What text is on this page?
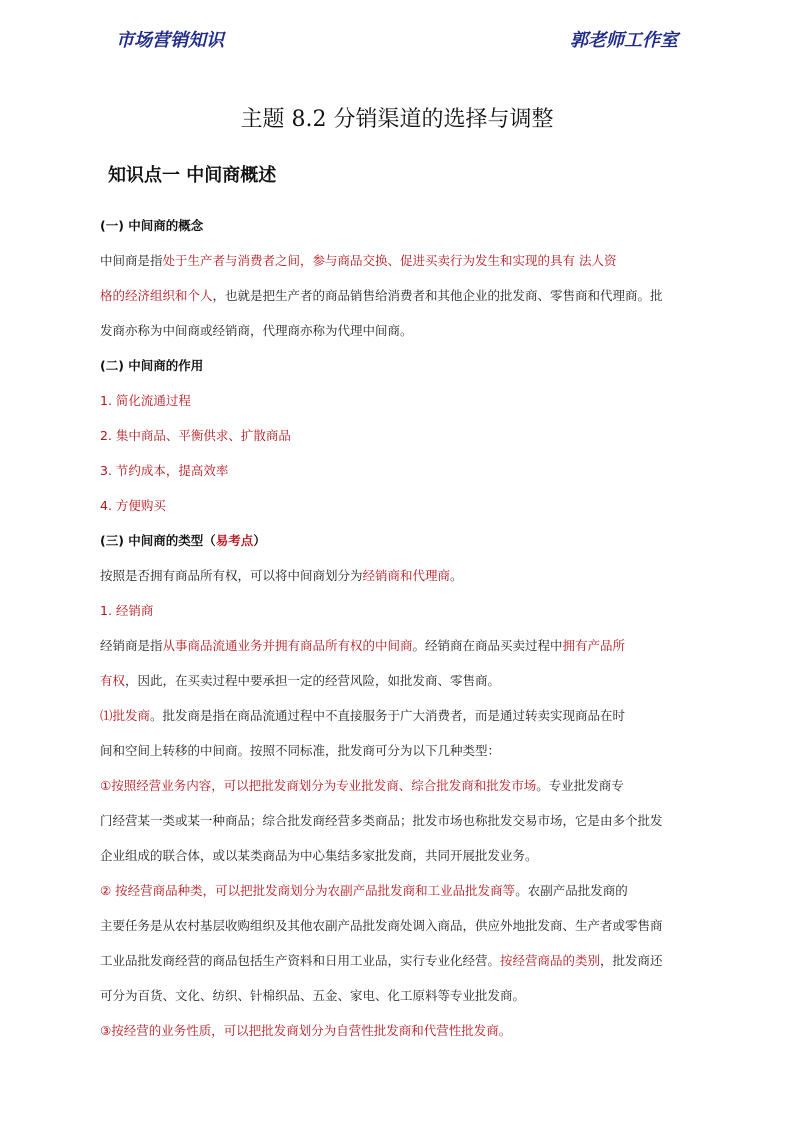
市场营销知识	郭老师工作室
主题 8.2 分销渠道的选择与调整
知识点一 中间商概述
(一) 中间商的概念
中间商是指处于生产者与消费者之间，参与商品交换、促进买卖行为发生和实现的具有 法人资
格的经济组织和个人，也就是把生产者的商品销售给消费者和其他企业的批发商、零售商和代理商。批
发商亦称为中间商或经销商，代理商亦称为代理中间商。
(二) 中间商的作用
1. 简化流通过程
2. 集中商品、平衡供求、扩散商品
3. 节约成本，提高效率
4. 方便购买
(三) 中间商的类型（易考点）
按照是否拥有商品所有权，可以将中间商划分为经销商和代理商。
1. 经销商
经销商是指从事商品流通业务并拥有商品所有权的中间商。经销商在商品买卖过程中拥有产品所
有权，因此，在买卖过程中要承担一定的经营风险，如批发商、零售商。
⑴批发商。批发商是指在商品流通过程中不直接服务于广大消费者，而是通过转卖实现商品在时
间和空间上转移的中间商。按照不同标准，批发商可分为以下几种类型：
①按照经营业务内容，可以把批发商划分为专业批发商、综合批发商和批发市场。专业批发商专
门经营某一类或某一种商品；综合批发商经营多类商品；批发市场也称批发交易市场，它是由多个批发
企业组成的联合体，或以某类商品为中心集结多家批发商，共同开展批发业务。
② 按经营商品种类，可以把批发商划分为农副产品批发商和工业品批发商等。农副产品批发商的
主要任务是从农村基层收购组织及其他农副产品批发商处调入商品，供应外地批发商、生产者或零售商
工业品批发商经营的商品包括生产资料和日用工业品，实行专业化经营。按经营商品的类别，批发商还
可分为百货、文化、纺织、针棉织品、五金、家电、化工原料等专业批发商。
③按经营的业务性质，可以把批发商划分为自营性批发商和代营性批发商。
